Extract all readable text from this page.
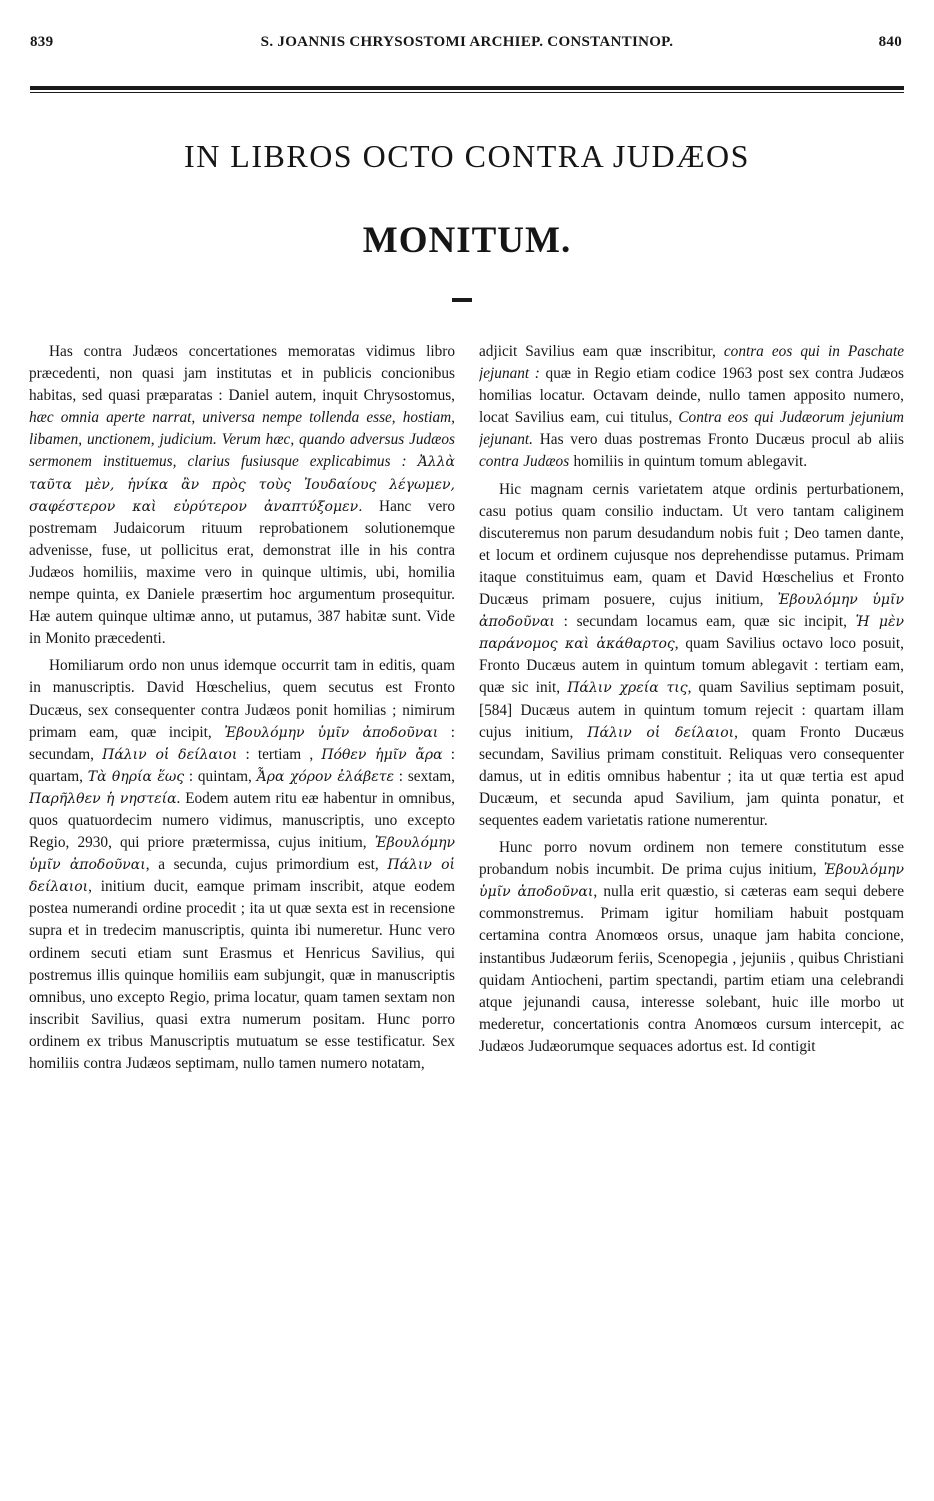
839	S. JOANNIS CHRYSOSTOMI ARCHIEP. CONSTANTINOP.	840
IN LIBROS OCTO CONTRA JUDÆOS
MONITUM.

Has contra Judæos concertationes memoratas vidimus libro præcedenti, non quasi jam institutas et in publicis concionibus habitas, sed quasi præparatas : Daniel autem, inquit Chrysostomus, hæc omnia aperte narrat, universa nempe tollenda esse, hostiam, libamen, unctionem, judicium. Verum hæc, quando adversus Judæos sermonem instituemus, clarius fusiusque explicabimus : Ἀλλὰ ταῦτα μὲν, ἡνίκα ἂν πρὸς τοὺς Ἰουδαίους λέγωμεν, σαφέστερον καὶ εὐρύτερον ἀναπτύξομεν. Hanc vero postremam Judaicorum rituum reprobationem solutionemque advenisse, fuse, ut pollicitus erat, demonstrat ille in his contra Judæos homiliis, maxime vero in quinque ultimis, ubi, homilia nempe quinta, ex Daniele præsertim hoc argumentum prosequitur. Hæ autem quinque ultimæ anno, ut putamus, 387 habitæ sunt. Vide in Monito præcedenti.

Homiliarum ordo non unus idemque occurrit tam in editis, quam in manuscriptis. David Hœschelius, quem secutus est Fronto Ducæus, sex consequenter contra Judæos ponit homilias ; nimirum primam eam, quæ incipit, Ἐβουλόμην ὑμῖν ἀποδοῦναι : secundam, Πάλιν οἱ δείλαιοι : tertiam , Πόθεν ἡμῖν ἄρα : quartam, Τὰ θηρία ἕως : quintam, Ἆρα χόρον ἐλάβετε : sextam, Παρῆλθεν ἡ νηστεία. Eodem autem ritu eæ habentur in omnibus, quos quatuordecim numero vidimus, manuscriptis, uno excepto Regio, 2930, qui priore prætermissa, cujus initium, Ἐβουλόμην ὑμῖν ἀποδοῦναι, a secunda, cujus primordium est, Πάλιν οἱ δείλαιοι, initium ducit, eamque primam inscribit, atque eodem postea numerandi ordine procedit ; ita ut quæ sexta est in recensione supra et in tredecim manuscriptis, quinta ibi numeretur. Hunc vero ordinem secuti etiam sunt Erasmus et Henricus Savilius, qui postremus illis quinque homiliis eam subjungit, quæ in manuscriptis omnibus, uno excepto Regio, prima locatur, quam tamen sextam non inscribit Savilius, quasi extra numerum positam. Hunc porro ordinem ex tribus Manuscriptis mutuatum se esse testificatur. Sex homiliis contra Judæos septimam, nullo tamen numero notatam,

adjicit Savilius eam quæ inscribitur, contra eos qui in Paschate jejunant : quæ in Regio etiam codice 1963 post sex contra Judæos homilias locatur. Octavam deinde, nullo tamen apposito numero, locat Savilius eam, cui titulus, Contra eos qui Judæorum jejunium jejunant. Has vero duas postremas Fronto Ducæus procul ab aliis contra Judæos homiliis in quintum tomum ablegavit.

Hic magnam cernis varietatem atque ordinis perturbationem, casu potius quam consilio inductam. Ut vero tantam caliginem discuteremus non parum desudandum nobis fuit ; Deo tamen dante, et locum et ordinem cujusque nos deprehendisse putamus. Primam itaque constituimus eam, quam et David Hœschelius et Fronto Ducæus primam posuere, cujus initium, Ἐβουλόμην ὑμῖν ἀποδοῦναι : secundam locamus eam, quæ sic incipit, Ἡ μὲν παράνομος καὶ ἀκάθαρτος, quam Savilius octavo loco posuit, Fronto Ducæus autem in quintum tomum ablegavit : tertiam eam, quæ sic init, Πάλιν χρεία τις, quam Savilius septimam posuit, [584] Ducæus autem in quintum tomum rejecit : quartam illam cujus initium, Πάλιν οἱ δείλαιοι, quam Fronto Ducæus secundam, Savilius primam constituit. Reliquas vero consequenter damus, ut in editis omnibus habentur ; ita ut quæ tertia est apud Ducæum, et secunda apud Savilium, jam quinta ponatur, et sequentes eadem varietatis ratione numerentur.

Hunc porro novum ordinem non temere constitutum esse probandum nobis incumbit. De prima cujus initium, Ἐβουλόμην ὑμῖν ἀποδοῦναι, nulla erit quæstio, si cæteras eam sequi debere commonstremus. Primam igitur homiliam habuit postquam certamina contra Anomœos orsus, unaque jam habita concione, instantibus Judæorum feriis, Scenopegia , jejuniis , quibus Christiani quidam Antiocheni, partim spectandi, partim etiam una celebrandi atque jejunandi causa, interesse solebant, huic ille morbo ut mederetur, concertationis contra Anomœos cursum intercepit, ac Judæos Judæorumque sequaces adortus est. Id contigit
